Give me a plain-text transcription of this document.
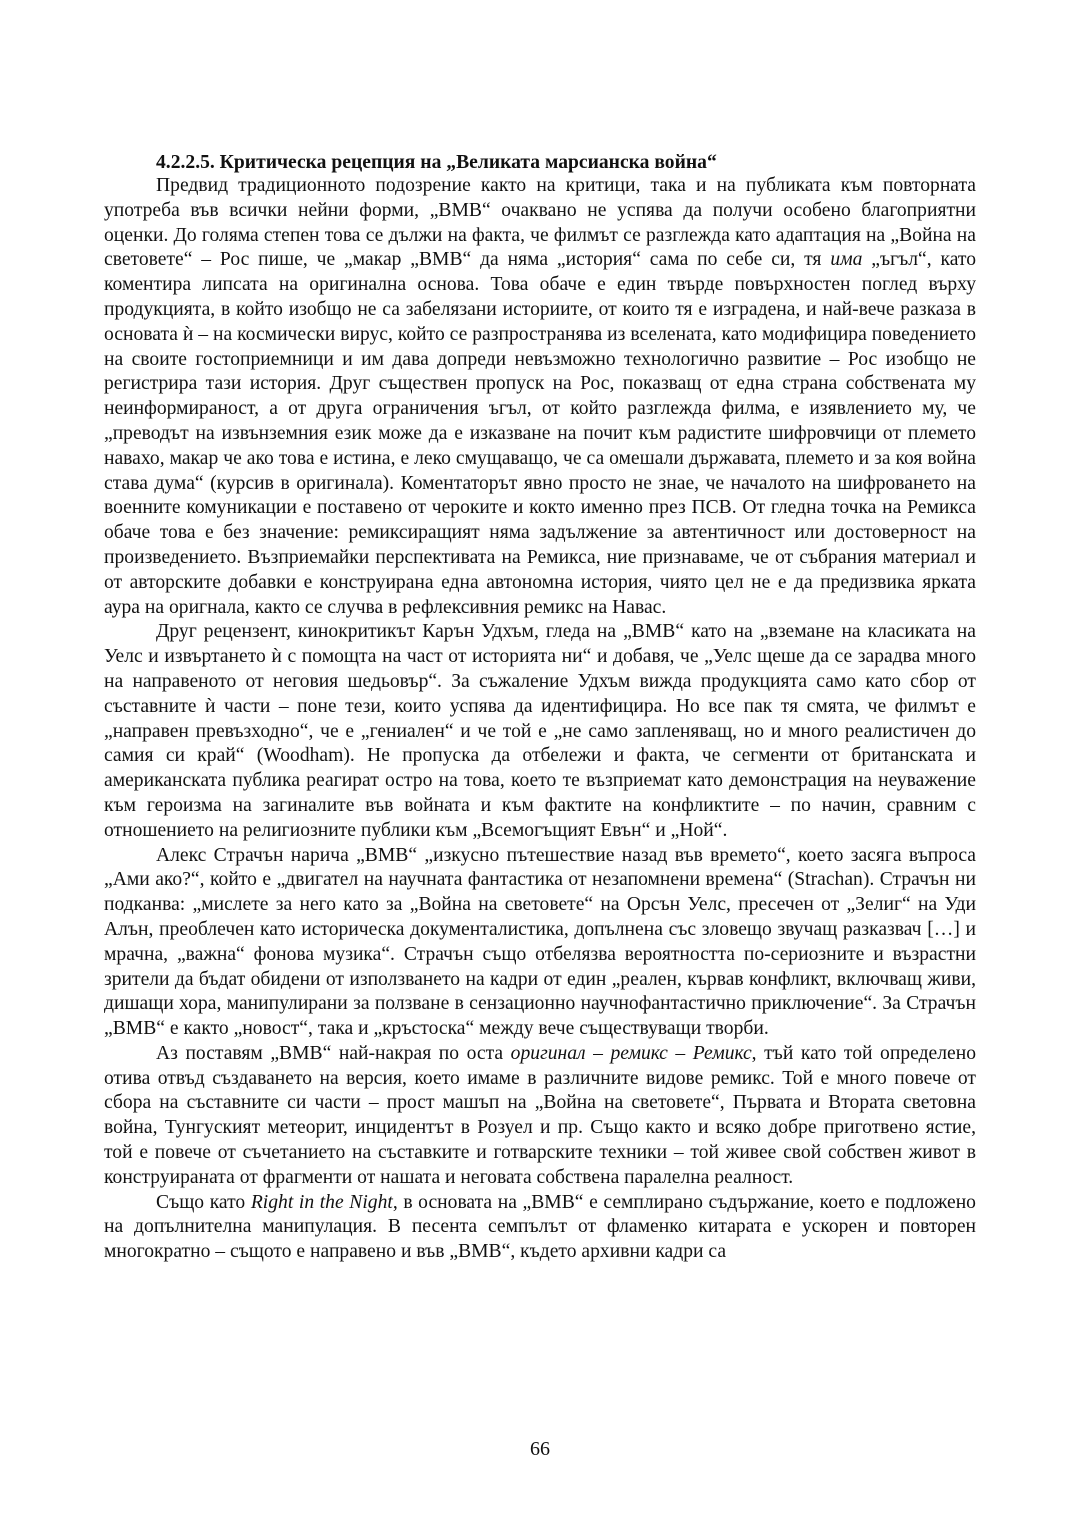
4.2.2.5. Критическа рецепция на „Великата марсианска война“

Предвид традиционното подозрение както на критици, така и на публиката към повторната употреба във всички нейни форми, „ВМВ“ очаквано не успява да получи особено благоприятни оценки. До голяма степен това се дължи на факта, че филмът се разглежда като адаптация на „Война на световете“ – Рос пише, че „макар „ВМВ“ да няма „история“ сама по себе си, тя има „ъгъл“, като коментира липсата на оригинална основа. Това обаче е един твърде повърхностен поглед върху продукцията, в който изобщо не са забелязани историите, от които тя е изградена, и най-вече разказа в основата ѝ – на космически вирус, който се разпространява из вселената, като модифицира поведението на своите гостоприемници и им дава допреди невъзможно технологично развитие – Рос изобщо не регистрира тази история. Друг съществен пропуск на Рос, показващ от една страна собствената му неинформираност, а от друга ограничения ъгъл, от който разглежда филма, е изявлението му, че „преводът на извънземния език може да е изказване на почит към радистите шифровчици от племето навахо, макар че ако това е истина, е леко смущаващо, че са омешали държавата, племето и за коя война става дума“ (курсив в оригинала). Коментаторът явно просто не знае, че началото на шифроването на военните комуникации е поставено от чероките и кокто именно през ПСВ. От гледна точка на Ремикса обаче това е без значение: ремиксиращият няма задължение за автентичност или достоверност на произведението. Възприемайки перспективата на Ремикса, ние признаваме, че от събрания материал и от авторските добавки е конструирана една автономна история, чиято цел не е да предизвика ярката аура на оригнала, както се случва в рефлексивния ремикс на Навас.

Друг рецензент, кинокритикът Карън Удхъм, гледа на „ВМВ“ като на „вземане на класиката на Уелс и извъртането ѝ с помощта на част от историята ни“ и добавя, че „Уелс щеше да се зарадва много на направеното от неговия шедьовър“. За съжаление Удхъм вижда продукцията само като сбор от съставните ѝ части – поне тези, които успява да идентифицира. Но все пак тя смята, че филмът е „направен превъзходно“, че е „гениален“ и че той е „не само запленяващ, но и много реалистичен до самия си край“ (Woodham). Не пропуска да отбележи и факта, че сегменти от британската и американската публика реагират остро на това, което те възприемат като демонстрация на неуважение към героизма на загиналите във войната и към фактите на конфликтите – по начин, сравним с отношението на религиозните публики към „Всемогъщият Евън“ и „Ной“.

Алекс Страчън нарича „ВМВ“ „изкусно пътешествие назад във времето“, което засяга въпроса „Ами ако?“, който е „двигател на научната фантастика от незапомнени времена“ (Strachan). Страчън ни подканва: „мислете за него като за „Война на световете“ на Орсън Уелс, пресечен от „Зелиг“ на Уди Алън, преоблечен като историческа документалистика, допълнена със зловещо звучащ разказвач […] и мрачна, „важна“ фонова музика“. Страчън също отбелязва вероятността по-сериозните и възрастни зрители да бъдат обидени от използването на кадри от един „реален, кървав конфликт, включващ живи, дишащи хора, манипулирани за ползване в сензационно научнофантастично приключение“. За Страчън „ВМВ“ е както „новост“, така и „кръстоска“ между вече съществуващи творби.

Аз поставям „ВМВ“ най-накрая по оста оригинал – ремикс – Ремикс, тъй като той определено отива отвъд създаването на версия, което имаме в различните видове ремикс. Той е много повече от сбора на съставните си части – прост машъп на „Война на световете“, Първата и Втората световна война, Тунгуският метеорит, инцидентът в Розуел и пр. Също както и всяко добре приготвено ястие, той е повече от съчетанието на съставките и готварските техники – той живее свой собствен живот в конструираната от фрагменти от нашата и неговата собствена паралелна реалност.

Също като Right in the Night, в основата на „ВМВ“ е семплирано съдържание, което е подложено на допълнителна манипулация. В песента семпълът от фламенко китарата е ускорен и повторен многократно – същото е направено и във „ВМВ“, където архивни кадри са

66
